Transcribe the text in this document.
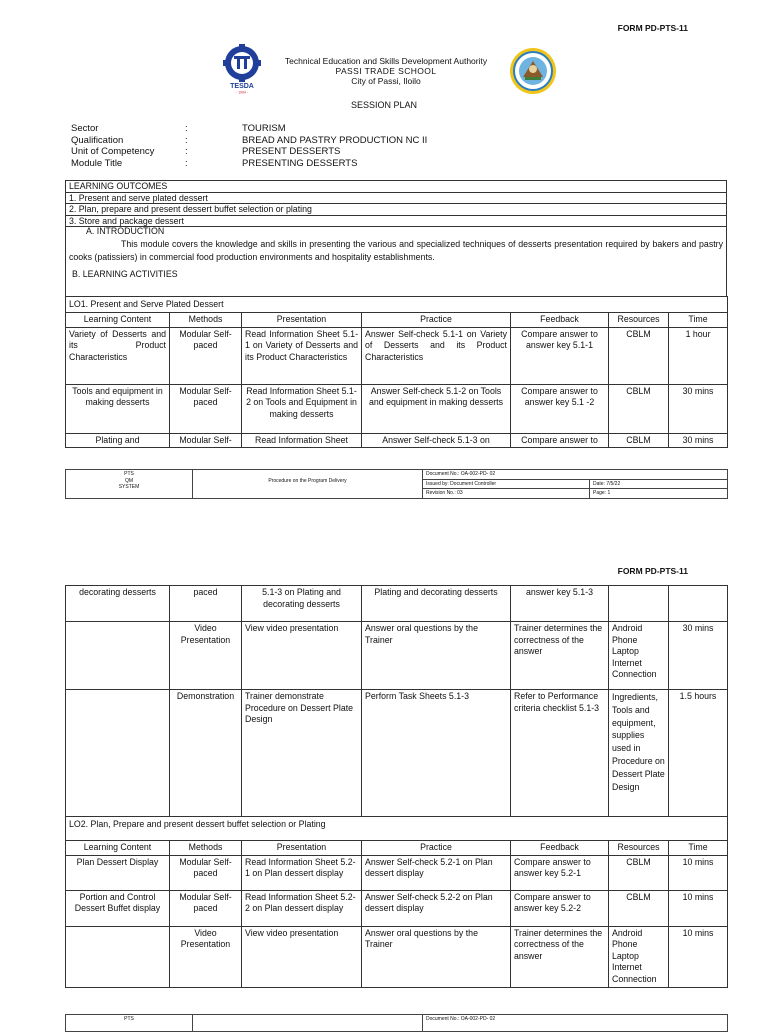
FORM PD-PTS-11
TESDA
- 1994 -
Technical Education and Skills Development Authority
PASSI TRADE SCHOOL
City of Passi, Iloilo
SESSION PLAN
Sector	:	TOURISM
Qualification	:	BREAD AND PASTRY PRODUCTION NC II
Unit of Competency	:	PRESENT DESSERTS
Module Title	:	PRESENTING DESSERTS
LEARNING OUTCOMES
1. Present and serve plated dessert
2. Plan, prepare and present dessert buffet selection or plating
3. Store and package dessert
A. INTRODUCTION
This module covers the knowledge and skills in presenting the various and specialized techniques of desserts presentation required by bakers and pastry cooks (patissiers) in commercial food production environments and hospitality establishments.
B. LEARNING ACTIVITIES
LO1. Present and Serve Plated Dessert						
Learning Content	Methods	Presentation	Practice	Feedback	Resources	Time
Variety of Desserts and its Product Characteristics	Modular Self-paced	Read Information Sheet 5.1-1 on Variety of Desserts and its Product Characteristics	Answer Self-check 5.1-1 on Variety of Desserts and its Product Characteristics	Compare answer to answer key 5.1-1	CBLM	1 hour
Tools and equipment in making desserts	Modular Self-paced	Read Information Sheet 5.1-2 on Tools and Equipment in making desserts	Answer Self-check 5.1-2 on Tools and equipment in making desserts	Compare answer to answer key 5.1 -2	CBLM	30 mins
Plating and	Modular Self-	Read Information Sheet	Answer Self-check 5.1-3 on	Compare answer to	CBLM	30 mins
PTS
QM
SYSTEM	Procedure on the Program Delivery	Document No.: OA-002-PD- 02	
		Issued by: Document Controller	Date: 7/5/22
		Revision No.: 03	Page: 1
FORM PD-PTS-11
decorating desserts	paced	5.1-3 on Plating and decorating desserts	Plating and decorating desserts	answer key 5.1-3		
	Video Presentation	View video presentation	Answer oral questions by the Trainer	Trainer determines the correctness of the answer	Android Phone Laptop Internet Connection	30 mins
	Demonstration	Trainer demonstrate Procedure on Dessert Plate Design	Perform Task Sheets 5.1-3	Refer to Performance criteria checklist 5.1-3	Ingredients, Tools and equipment, supplies used in Procedure on Dessert Plate Design	1.5 hours
LO2. Plan, Prepare and present dessert buffet selection or Plating						
Learning Content	Methods	Presentation	Practice	Feedback	Resources	Time
Plan Dessert Display	Modular Self-paced	Read Information Sheet 5.2-1 on Plan dessert display	Answer Self-check 5.2-1 on Plan dessert display	Compare answer to answer key 5.2-1	CBLM	10 mins
Portion and Control Dessert Buffet display	Modular Self-paced	Read Information Sheet 5.2-2 on Plan dessert display	Answer Self-check 5.2-2 on Plan dessert display	Compare answer to answer key 5.2-2	CBLM	10 mins
	Video Presentation	View video presentation	Answer oral questions by the Trainer	Trainer determines the correctness of the answer	Android Phone Laptop Internet Connection	10 mins
PTS		Document No.: OA-002-PD- 02
